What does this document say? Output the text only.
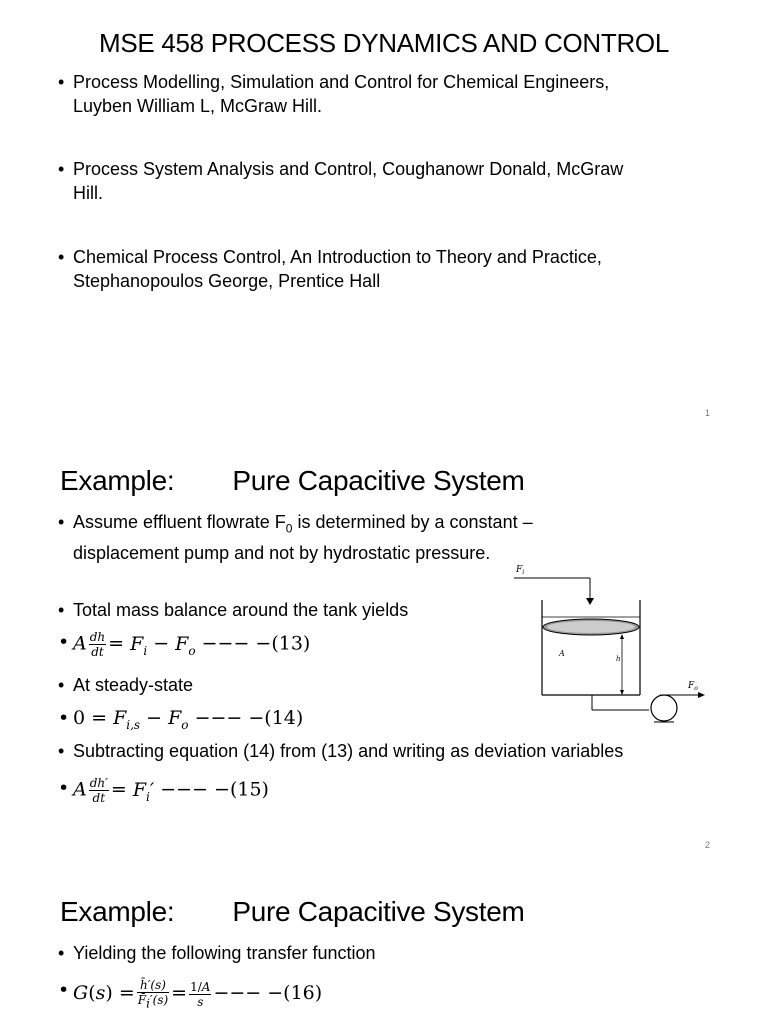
MSE 458 PROCESS DYNAMICS AND CONTROL
• Process Modelling, Simulation and Control for Chemical Engineers,
Luyben William L, McGraw Hill.
• Process System Analysis and Control, Coughanowr Donald, McGraw
Hill.
• Chemical Process Control, An Introduction to Theory and Practice,
Stephanopoulos George, Prentice Hall
1
Example: Pure Capacitive System
• Assume effluent flowrate $F_0$ is determined by a constant –
displacement pump and not by hydrostatic pressure.
• Total mass balance around the tank yields
• A $\frac{dh}{dt} = F_i - F_o$ −−− −(13)
• At steady-state
• $0 = F_{i,s} - F_o$ −−− −(14)
• Subtracting equation (14) from (13) and writing as deviation variables
• A $\frac{dh'}{dt} = F_i'$ −−− −(15)
$F_i$
A
h
$F_o$
2
Example: Pure Capacitive System
• Yielding the following transfer function
• $G(s) = \frac{h̄'(s)}{F̄_i'(s)} = \frac{1/A}{s}$ −−− −(16)
